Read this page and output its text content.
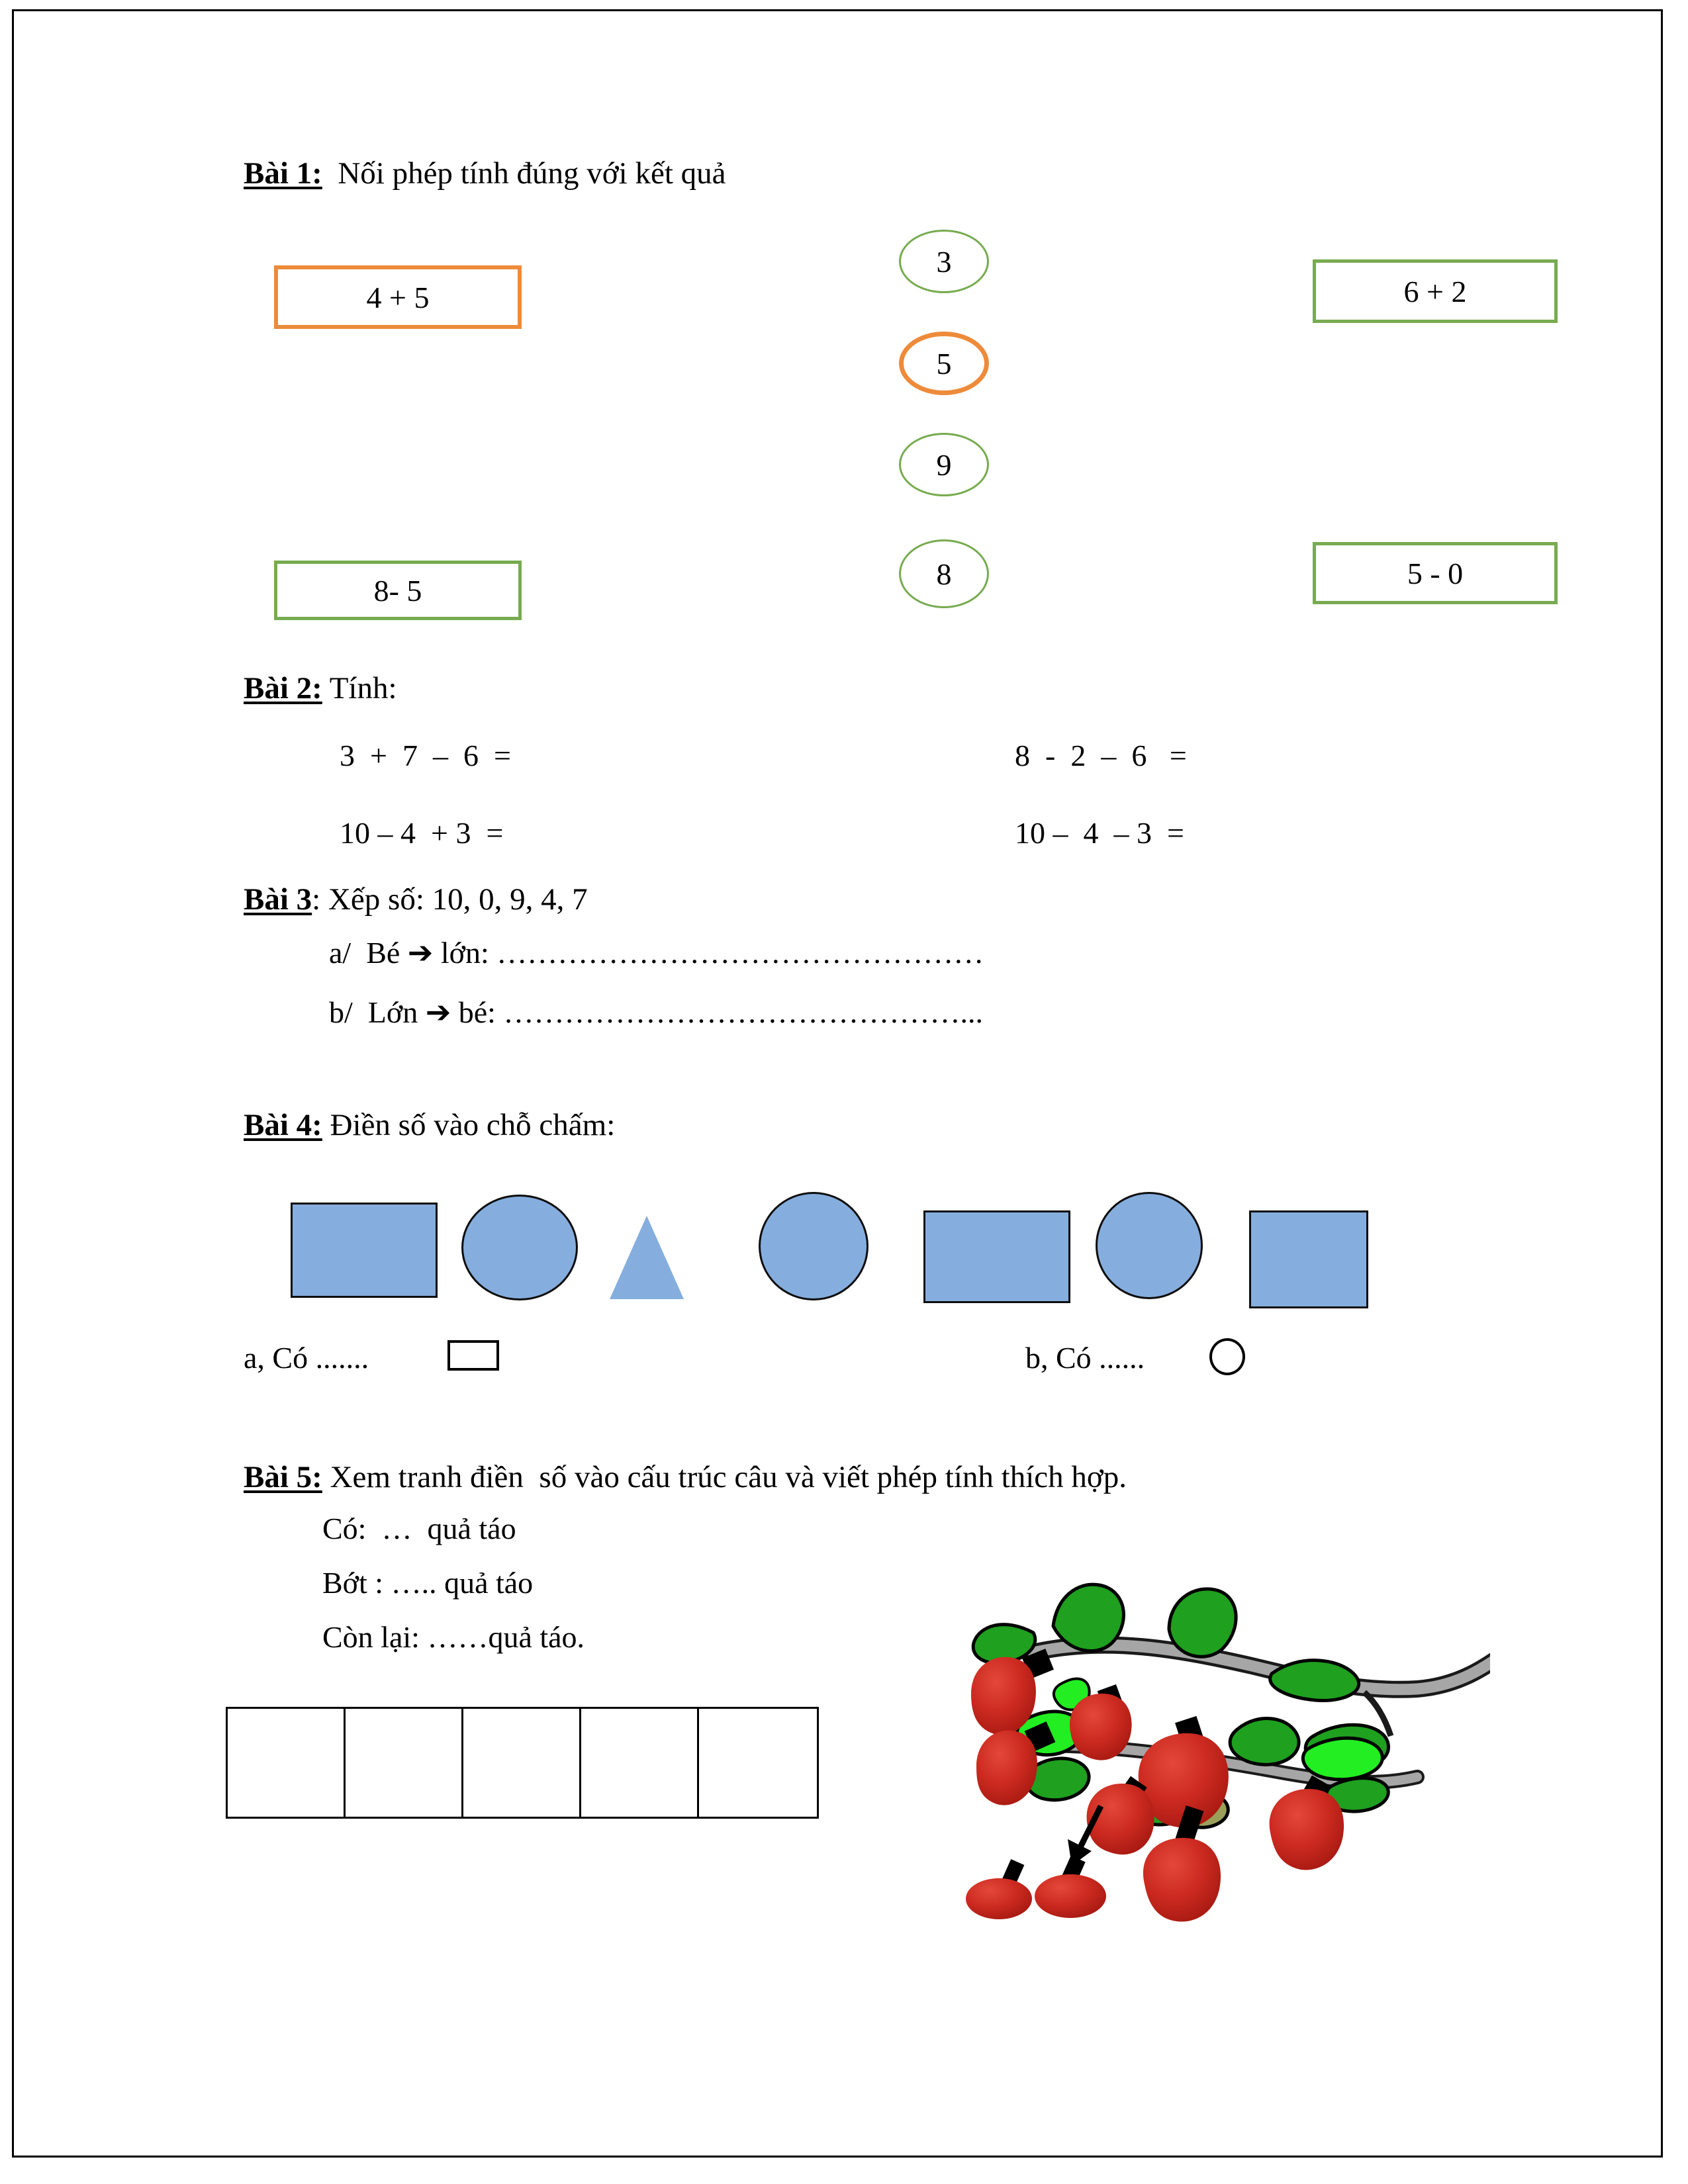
Bài 1:  Nối phép tính đúng với kết quả
4 + 5
8- 5
6 + 2
5 - 0
3
5
9
8
Bài 2: Tính:
3  +  7  –  6  =	8  -  2  –  6   =
10 – 4  + 3  =	10 –  4  – 3  =
Bài 3: Xếp số: 10, 0, 9, 4, 7
a/  Bé ➔ lớn: …………………………………………
b/  Lớn ➔ bé: ………………………………………...
Bài 4: Điền số vào chỗ chấm:
a, Có .......	b, Có ......
Bài 5: Xem tranh điền  số vào cấu trúc câu và viết phép tính thích hợp.
Có:  …  quả táo
Bớt : ….. quả táo
Còn lại: ……quả táo.
